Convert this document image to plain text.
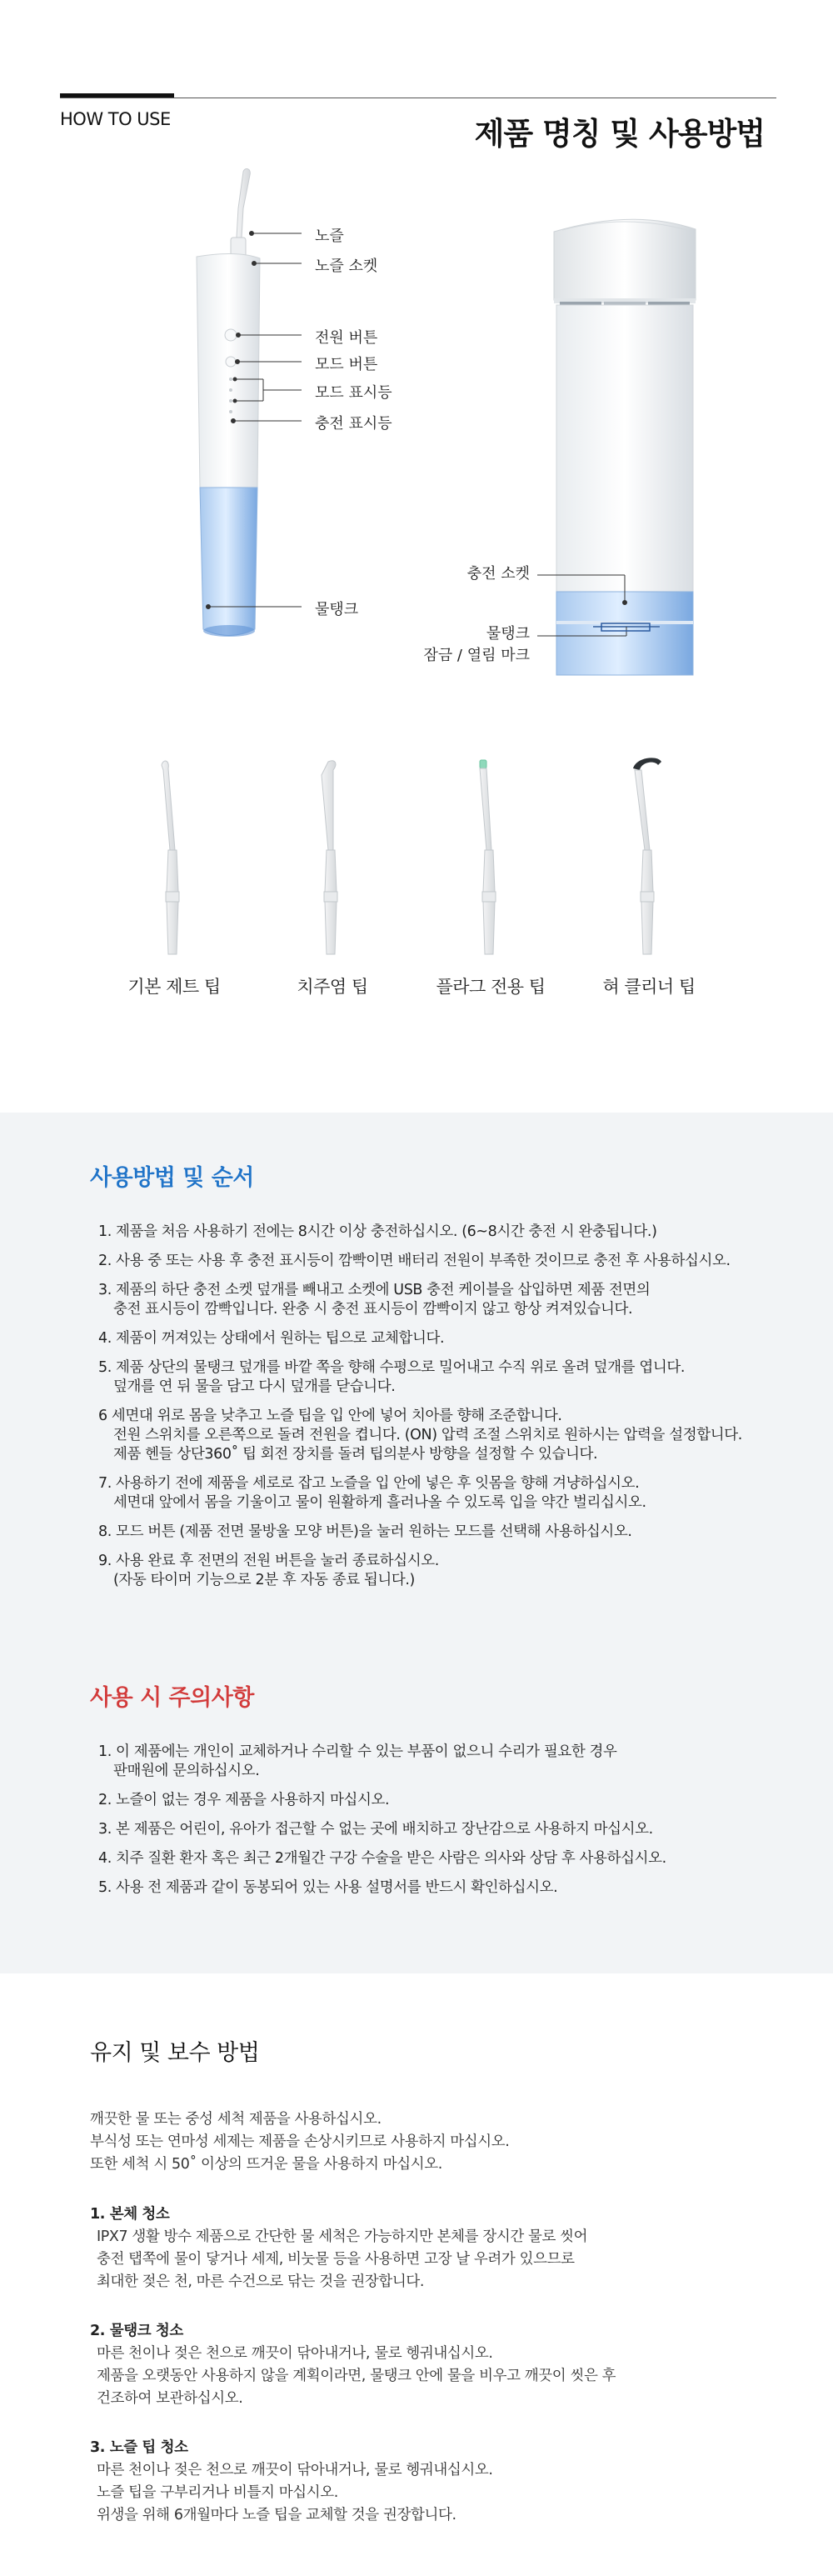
HOW TO USE	제품 명칭 및 사용방법
노즐
노즐 소켓
전원 버튼
모드 버튼
모드 표시등
충전 표시등
물탱크
충전 소켓
물탱크
잠금 / 열림 마크
기본 제트 팁	치주염 팁	플라그 전용 팁	혀 클리너 팁
사용방법 및 순서
1. 제품을 처음 사용하기 전에는 8시간 이상 충전하십시오. (6~8시간 충전 시 완충됩니다.)
2. 사용 중 또는 사용 후 충전 표시등이 깜빡이면 배터리 전원이 부족한 것이므로 충전 후 사용하십시오.
3. 제품의 하단 충전 소켓 덮개를 빼내고 소켓에 USB 충전 케이블을 삽입하면 제품 전면의
충전 표시등이 깜빡입니다. 완충 시 충전 표시등이 깜빡이지 않고 항상 켜져있습니다.
4. 제품이 꺼져있는 상태에서 원하는 팁으로 교체합니다.
5. 제품 상단의 물탱크 덮개를 바깥 쪽을 향해 수평으로 밀어내고 수직 위로 올려 덮개를 엽니다.
덮개를 연 뒤 물을 담고 다시 덮개를 닫습니다.
6 세면대 위로 몸을 낮추고 노즐 팁을 입 안에 넣어 치아를 향해 조준합니다.
전원 스위치를 오른쪽으로 돌려 전원을 켭니다. (ON) 압력 조절 스위치로 원하시는 압력을 설정합니다.
제품 헨들 상단360˚ 팁 회전 장치를 돌려 팁의분사 방향을 설정할 수 있습니다.
7. 사용하기 전에 제품을 세로로 잡고 노즐을 입 안에 넣은 후 잇몸을 향해 겨냥하십시오.
세면대 앞에서 몸을 기울이고 물이 원활하게 흘러나올 수 있도록 입을 약간 벌리십시오.
8. 모드 버튼 (제품 전면 물방울 모양 버튼)을 눌러 원하는 모드를 선택해 사용하십시오.
9. 사용 완료 후 전면의 전원 버튼을 눌러 종료하십시오.
(자동 타이머 기능으로 2분 후 자동 종료 됩니다.)
사용 시 주의사항
1. 이 제품에는 개인이 교체하거나 수리할 수 있는 부품이 없으니 수리가 필요한 경우
판매원에 문의하십시오.
2. 노즐이 없는 경우 제품을 사용하지 마십시오.
3. 본 제품은 어린이, 유아가 접근할 수 없는 곳에 배치하고 장난감으로 사용하지 마십시오.
4. 치주 질환 환자 혹은 최근 2개월간 구강 수술을 받은 사람은 의사와 상담 후 사용하십시오.
5. 사용 전 제품과 같이 동봉되어 있는 사용 설명서를 반드시 확인하십시오.
유지 및 보수 방법
깨끗한 물 또는 중성 세척 제품을 사용하십시오.
부식성 또는 연마성 세제는 제품을 손상시키므로 사용하지 마십시오.
또한 세척 시 50˚ 이상의 뜨거운 물을 사용하지 마십시오.
1. 본체 청소
IPX7 생활 방수 제품으로 간단한 물 세척은 가능하지만 본체를 장시간 물로 씻어
충전 탭쪽에 물이 닿거나 세제, 비눗물 등을 사용하면 고장 날 우려가 있으므로
최대한 젖은 천, 마른 수건으로 닦는 것을 권장합니다.
2. 물탱크 청소
마른 천이나 젖은 천으로 깨끗이 닦아내거나, 물로 헹궈내십시오.
제품을 오랫동안 사용하지 않을 계획이라면, 물탱크 안에 물을 비우고 깨끗이 씻은 후
건조하여 보관하십시오.
3. 노즐 팁 청소
마른 천이나 젖은 천으로 깨끗이 닦아내거나, 물로 헹궈내십시오.
노즐 팁을 구부리거나 비틀지 마십시오.
위생을 위해 6개월마다 노즐 팁을 교체할 것을 권장합니다.
